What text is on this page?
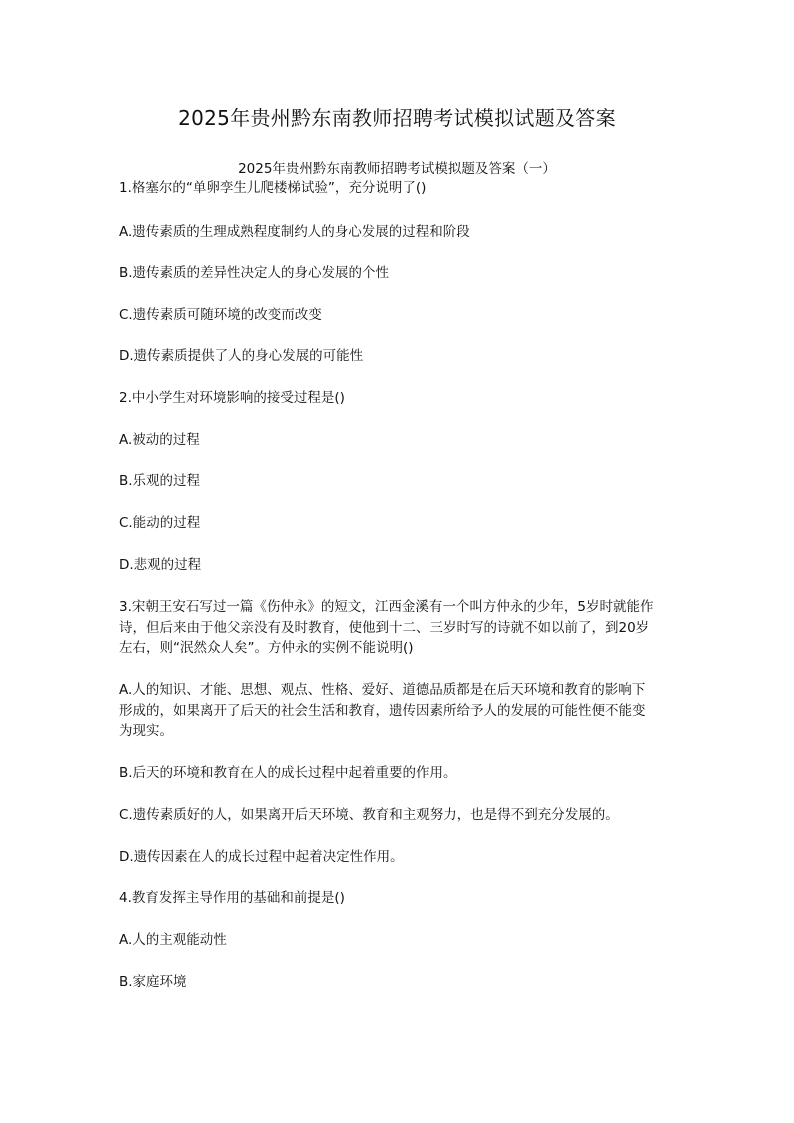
2025年贵州黔东南教师招聘考试模拟试题及答案
2025年贵州黔东南教师招聘考试模拟题及答案（一）
1.格塞尔的“单卵孪生儿爬楼梯试验”，充分说明了()
A.遗传素质的生理成熟程度制约人的身心发展的过程和阶段
B.遗传素质的差异性决定人的身心发展的个性
C.遗传素质可随环境的改变而改变
D.遗传素质提供了人的身心发展的可能性
2.中小学生对环境影响的接受过程是()
A.被动的过程
B.乐观的过程
C.能动的过程
D.悲观的过程
3.宋朝王安石写过一篇《伤仲永》的短文，江西金溪有一个叫方仲永的少年，5岁时就能作
诗，但后来由于他父亲没有及时教育，使他到十二、三岁时写的诗就不如以前了，到20岁
左右，则“泯然众人矣”。方仲永的实例不能说明()
A.人的知识、才能、思想、观点、性格、爱好、道德品质都是在后天环境和教育的影响下
形成的，如果离开了后天的社会生活和教育，遗传因素所给予人的发展的可能性便不能变
为现实。
B.后天的环境和教育在人的成长过程中起着重要的作用。
C.遗传素质好的人，如果离开后天环境、教育和主观努力，也是得不到充分发展的。
D.遗传因素在人的成长过程中起着决定性作用。
4.教育发挥主导作用的基础和前提是()
A.人的主观能动性
B.家庭环境
